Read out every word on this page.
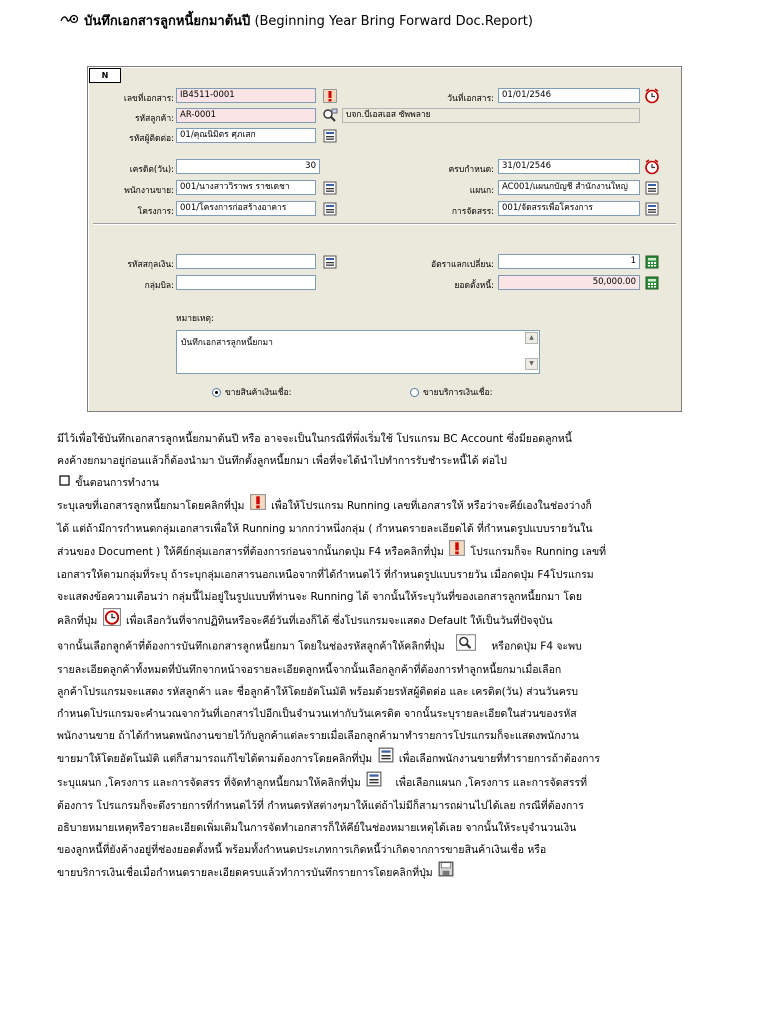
บันทึกเอกสารลูกหนี้ยกมาต้นปี (Beginning Year Bring Forward Doc.Report)
N
เลขที่เอกสาร: IB4511-0001	วันที่เอกสาร: 01/01/2546
รหัสลูกค้า: AR-0001	บจก.บีเอสเอส ซัพพลาย
รหัสผู้ติดต่อ: 01/คุณนิมิตร ศุภเสก
เครดิต(วัน):	30	ครบกำหนด: 31/01/2546
พนักงานขาย: 001/นางสาววิราพร ราชเดชา	แผนก: AC001/แผนกบัญชี สำนักงานใหญ่
โครงการ: 001/โครงการก่อสร้างอาคาร	การจัดสรร: 001/จัดสรรเพื่อโครงการ
รหัสสกุลเงิน:	อัตราแลกเปลี่ยน:	1
กลุ่มบิล:	ยอดตั้งหนี้:	50,000.00
หมายเหตุ:
บันทึกเอกสารลูกหนี้ยกมา
▲
▼
ขายสินค้าเงินเชื่อ:	ขายบริการเงินเชื่อ:
มีไว้เพื่อใช้บันทึกเอกสารลูกหนี้ยกมาต้นปี หรือ อาจจะเป็นในกรณีที่พึ่งเริ่มใช้ โปรแกรม BC Account ซึ่งมียอดลูกหนี้
คงค้างยกมาอยู่ก่อนแล้วก็ต้องนำมา บันทึกตั้งลูกหนี้ยกมา เพื่อที่จะได้นำไปทำการรับชำระหนี้ได้ ต่อไป
ขั้นตอนการทำงาน
ระบุเลขที่เอกสารลูกหนี้ยกมาโดยคลิกที่ปุ่ม	เพื่อให้โปรแกรม Running เลขที่เอกสารให้ หรือว่าจะคีย์เองในช่องว่างก็
ได้ แต่ถ้ามีการกำหนดกลุ่มเอกสารเพื่อให้ Running มากกว่าหนึ่งกลุ่ม ( กำหนดรายละเอียดได้ ที่กำหนดรูปแบบรายวันใน
ส่วนของ Document ) ให้คีย์กลุ่มเอกสารที่ต้องการก่อนจากนั้นกดปุ่ม F4 หรือคลิกที่ปุ่ม	โปรแกรมก็จะ Running เลขที่
เอกสารให้ตามกลุ่มที่ระบุ ถ้าระบุกลุ่มเอกสารนอกเหนือจากที่ได้กำหนดไว้ ที่กำหนดรูปแบบรายวัน เมื่อกดปุ่ม F4โปรแกรม
จะแสดงข้อความเตือนว่า กลุ่มนี้ไม่อยู่ในรูปแบบที่ท่านจะ Running ได้ จากนั้นให้ระบุวันที่ของเอกสารลูกหนี้ยกมา โดย
คลิกที่ปุ่ม	เพื่อเลือกวันที่จากปฏิทินหรือจะคีย์วันที่เองก็ได้ ซึ่งโปรแกรมจะแสดง Default ให้เป็นวันที่ปัจจุบัน
จากนั้นเลือกลูกค้าที่ต้องการบันทึกเอกสารลูกหนี้ยกมา โดยในช่องรหัสลูกค้าให้คลิกที่ปุ่ม	หรือกดปุ่ม F4 จะพบ
รายละเอียดลูกค้าทั้งหมดที่บันทึกจากหน้าจอรายละเอียดลูกหนี้จากนั้นเลือกลูกค้าที่ต้องการทำลูกหนี้ยกมาเมื่อเลือก
ลูกค้าโปรแกรมจะแสดง รหัสลูกค้า และ ชื่อลูกค้าให้โดยอัตโนมัติ พร้อมด้วยรหัสผู้ติดต่อ และ เครดิต(วัน) ส่วนวันครบ
กำหนดโปรแกรมจะคำนวณจากวันที่เอกสารไปอีกเป็นจำนวนเท่ากับวันเครดิต จากนั้นระบุรายละเอียดในส่วนของรหัส
พนักงานขาย ถ้าได้กำหนดพนักงานขายไว้กับลูกค้าแต่ละรายเมื่อเลือกลูกค้ามาทำรายการโปรแกรมก็จะแสดงพนักงาน
ขายมาให้โดยอัตโนมัติ แต่ก็สามารถแก้ไขได้ตามต้องการโดยคลิกที่ปุ่ม	เพื่อเลือกพนักงานขายที่ทำรายการถ้าต้องการ
ระบุแผนก ,โครงการ และการจัดสรร ที่จัดทำลูกหนี้ยกมาให้คลิกที่ปุ่ม	เพื่อเลือกแผนก ,โครงการ และการจัดสรรที่
ต้องการ โปรแกรมก็จะดึงรายการที่กำหนดไว้ที่ กำหนดรหัสต่างๆมาให้แต่ถ้าไม่มีก็สามารถผ่านไปได้เลย กรณีที่ต้องการ
อธิบายหมายเหตุหรือรายละเอียดเพิ่มเติมในการจัดทำเอกสารก็ให้คีย์ในช่องหมายเหตุได้เลย จากนั้นให้ระบุจำนวนเงิน
ของลูกหนี้ที่ยังค้างอยู่ที่ช่องยอดตั้งหนี้ พร้อมทั้งกำหนดประเภทการเกิดหนี้ว่าเกิดจากการขายสินค้าเงินเชื่อ หรือ
ขายบริการเงินเชื่อเมื่อกำหนดรายละเอียดครบแล้วทำการบันทึกรายการโดยคลิกที่ปุ่ม
